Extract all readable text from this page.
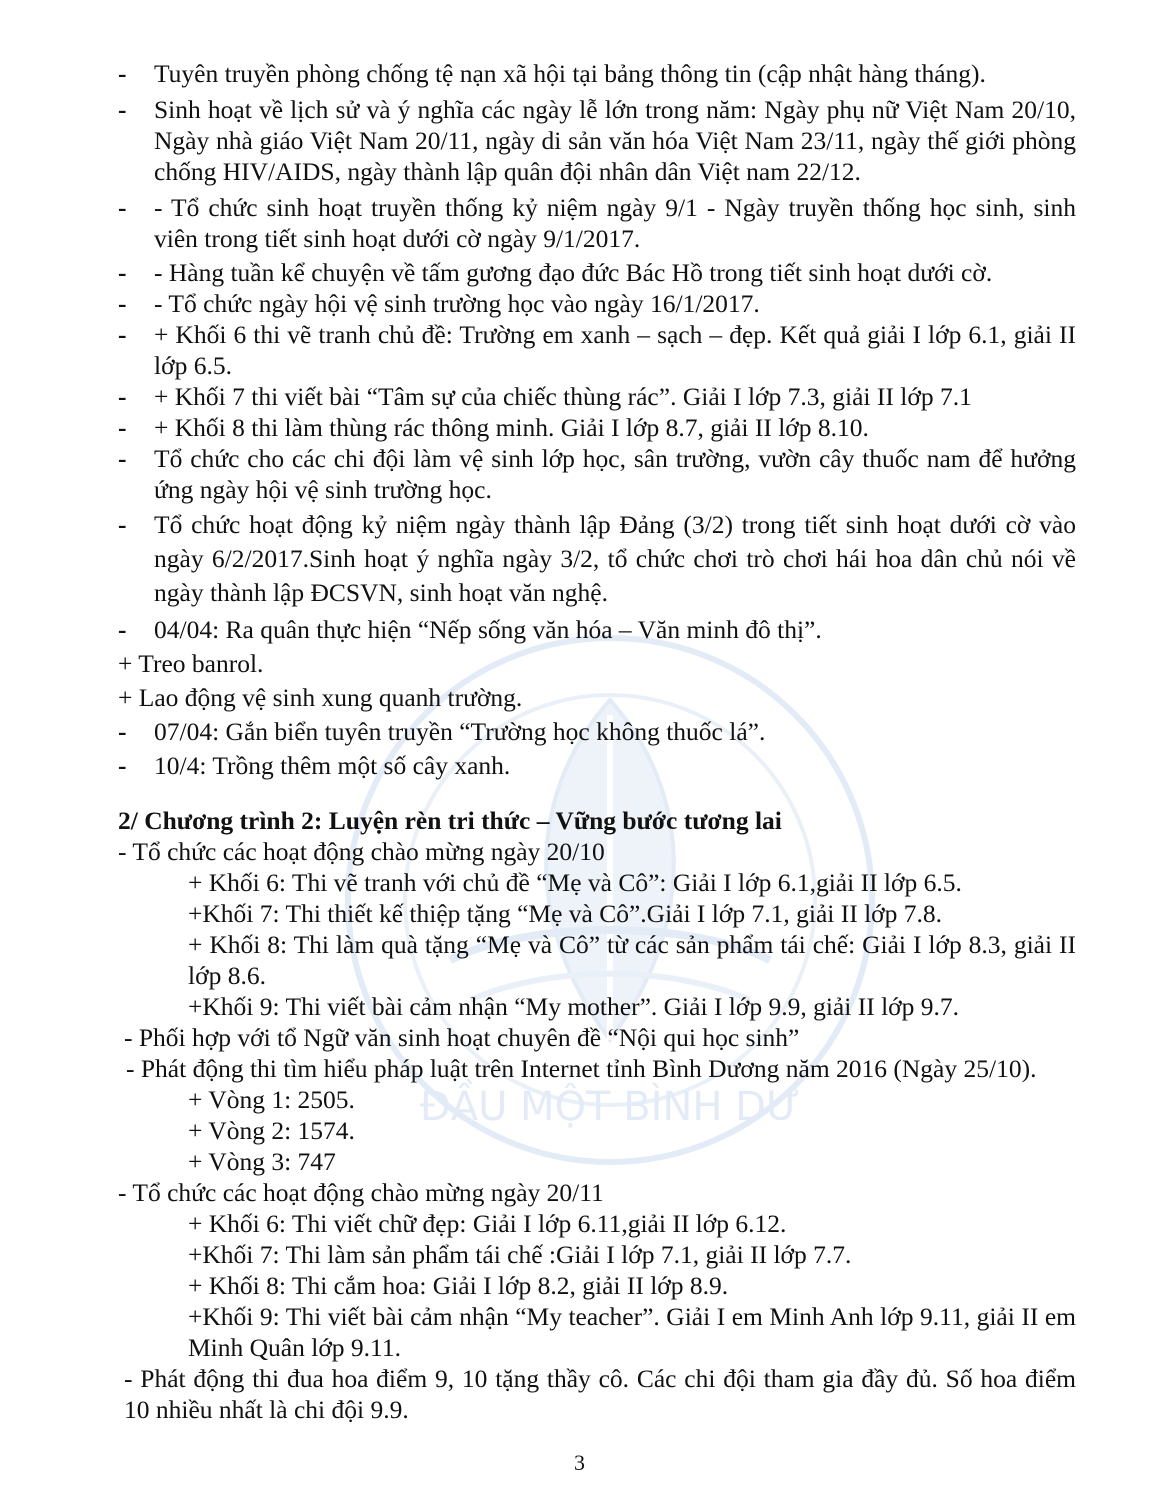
ĐẦU MỘT BÌNH DƯ
-	Tuyên truyền phòng chống tệ nạn xã hội tại bảng thông tin (cập nhật hàng tháng).
-	Sinh hoạt về lịch sử và ý nghĩa các ngày lễ lớn trong năm: Ngày phụ nữ Việt Nam 20/10, Ngày nhà giáo Việt Nam 20/11, ngày di sản văn hóa Việt Nam 23/11, ngày thế giới phòng chống HIV/AIDS, ngày thành lập quân đội nhân dân Việt nam 22/12.
-	- Tổ chức sinh hoạt truyền thống kỷ niệm ngày 9/1 - Ngày truyền thống học sinh, sinh viên trong tiết sinh hoạt dưới cờ ngày 9/1/2017.
-	- Hàng tuần kể chuyện về tấm gương đạo đức Bác Hồ trong tiết sinh hoạt dưới cờ.
-	- Tổ chức ngày hội vệ sinh trường học vào ngày 16/1/2017.
-	+ Khối 6 thi vẽ tranh chủ đề: Trường em xanh – sạch – đẹp. Kết quả giải I lớp 6.1, giải II lớp 6.5.
-	+ Khối 7 thi viết bài “Tâm sự của chiếc thùng rác”. Giải I lớp 7.3, giải II lớp 7.1
-	+ Khối 8 thi làm thùng rác thông minh. Giải I lớp 8.7, giải II lớp 8.10.
-	Tổ chức cho các chi đội làm vệ sinh lớp học, sân trường, vườn cây thuốc nam để hưởng ứng ngày hội vệ sinh trường học.
-	Tổ chức hoạt động kỷ niệm ngày thành lập Đảng (3/2) trong tiết sinh hoạt dưới cờ vào ngày 6/2/2017.Sinh hoạt ý nghĩa ngày 3/2, tổ chức chơi trò chơi hái hoa dân chủ nói về ngày thành lập ĐCSVN, sinh hoạt văn nghệ.
-	04/04: Ra quân thực hiện “Nếp sống văn hóa – Văn minh đô thị”.
+ Treo banrol.
+ Lao động vệ sinh xung quanh trường.
-	07/04: Gắn biển tuyên truyền “Trường học không thuốc lá”.
-	10/4: Trồng thêm một số cây xanh.
2/ Chương trình 2: Luyện rèn tri thức – Vững bước tương lai
- Tổ chức các hoạt động chào mừng ngày 20/10
+ Khối 6: Thi vẽ tranh với chủ đề “Mẹ và Cô”: Giải I lớp 6.1,giải II lớp 6.5.
+Khối 7: Thi thiết kế thiệp tặng “Mẹ và Cô”.Giải I lớp 7.1, giải II lớp 7.8.
+ Khối 8: Thi làm quà tặng “Mẹ và Cô” từ các sản phẩm tái chế: Giải I lớp 8.3, giải II lớp 8.6.
+Khối 9: Thi viết bài cảm nhận “My mother”. Giải I lớp 9.9, giải II lớp 9.7.
- Phối hợp với tổ Ngữ văn sinh hoạt chuyên đề “Nội qui học sinh”
- Phát động thi tìm hiểu pháp luật trên Internet tỉnh Bình Dương năm 2016 (Ngày 25/10).
+ Vòng 1: 2505.
+ Vòng 2: 1574.
+ Vòng 3: 747
- Tổ chức các hoạt động chào mừng ngày 20/11
+ Khối 6: Thi viết chữ đẹp: Giải I lớp 6.11,giải II lớp 6.12.
+Khối 7: Thi làm sản phẩm tái chế :Giải I lớp 7.1, giải II lớp 7.7.
+ Khối 8: Thi cắm hoa: Giải I lớp 8.2, giải II lớp 8.9.
+Khối 9: Thi viết bài cảm nhận “My teacher”. Giải I em Minh Anh lớp 9.11, giải II em Minh Quân lớp 9.11.
- Phát động thi đua hoa điểm 9, 10 tặng thầy cô. Các chi đội tham gia đầy đủ. Số hoa điểm 10 nhiều nhất là chi đội 9.9.
3
